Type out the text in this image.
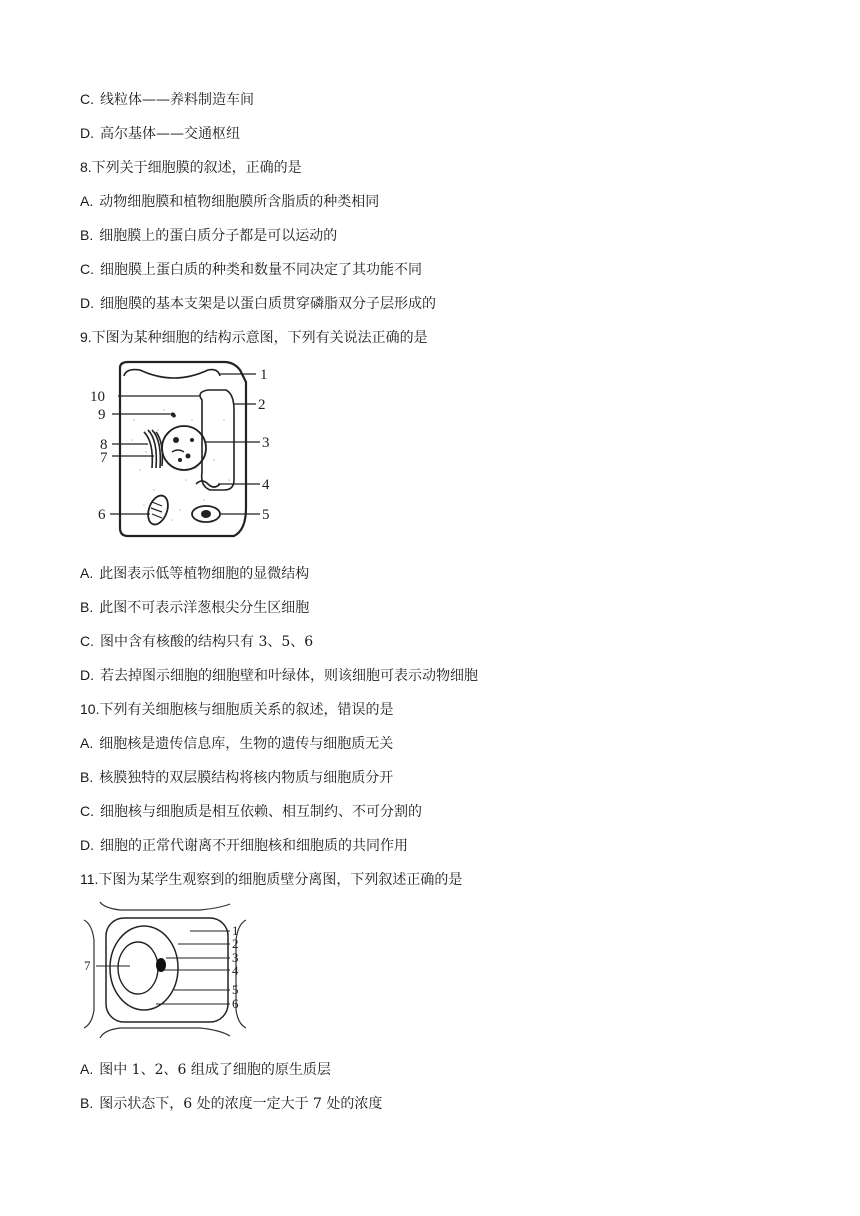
C. 线粒体——养料制造车间
D. 高尔基体——交通枢纽
8.下列关于细胞膜的叙述，正确的是
A. 动物细胞膜和植物细胞膜所含脂质的种类相同
B. 细胞膜上的蛋白质分子都是可以运动的
C. 细胞膜上蛋白质的种类和数量不同决定了其功能不同
D. 细胞膜的基本支架是以蛋白质贯穿磷脂双分子层形成的
9.下图为某种细胞的结构示意图，下列有关说法正确的是
1
2
3
4
5
6
7
8
9
10
A. 此图表示低等植物细胞的显微结构
B. 此图不可表示洋葱根尖分生区细胞
C. 图中含有核酸的结构只有 3、5、6
D. 若去掉图示细胞的细胞壁和叶绿体，则该细胞可表示动物细胞
10.下列有关细胞核与细胞质关系的叙述，错误的是
A. 细胞核是遗传信息库，生物的遗传与细胞质无关
B. 核膜独特的双层膜结构将核内物质与细胞质分开
C. 细胞核与细胞质是相互依赖、相互制约、不可分割的
D. 细胞的正常代谢离不开细胞核和细胞质的共同作用
11.下图为某学生观察到的细胞质壁分离图，下列叙述正确的是
1
2
3
4
5
6
7
A. 图中 1、2、6 组成了细胞的原生质层
B. 图示状态下，6 处的浓度一定大于 7 处的浓度
